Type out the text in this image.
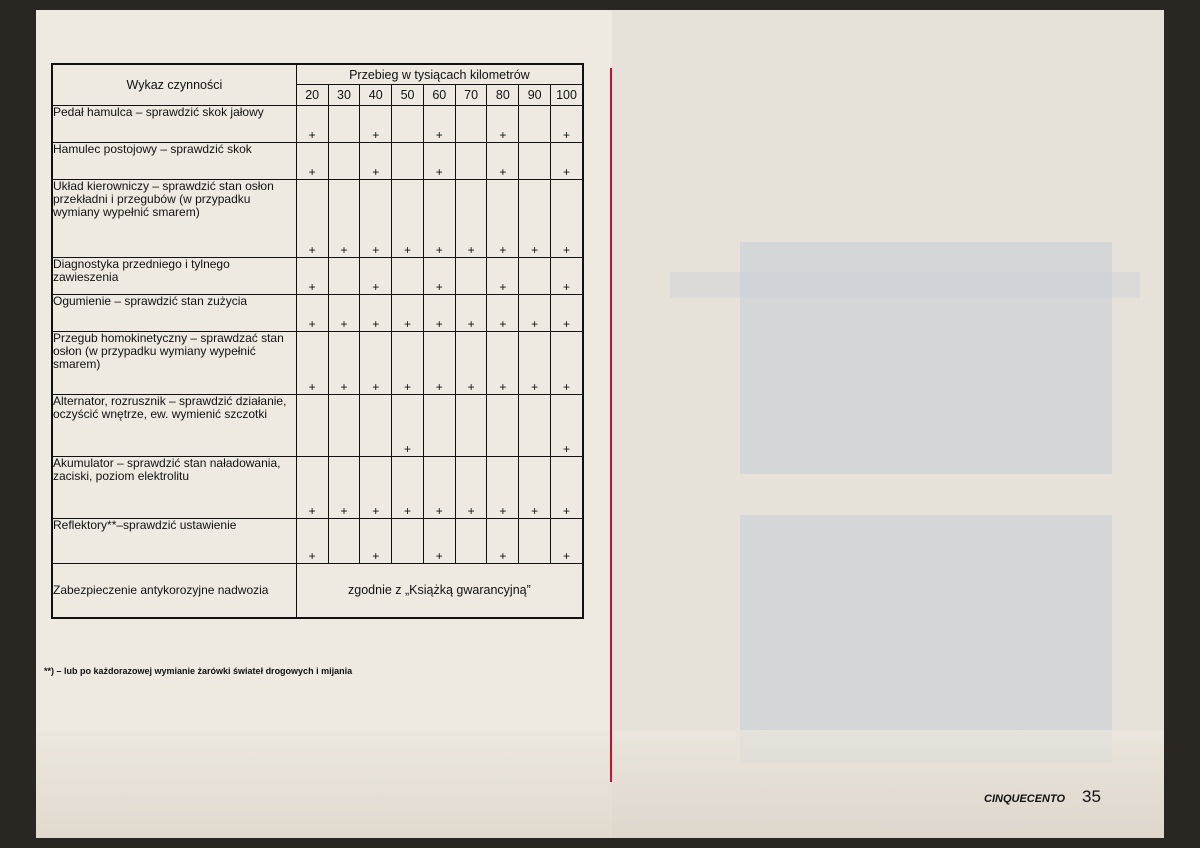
Wykaz czynności	Przebieg w tysiącach kilometrów								
	20	30	40	50	60	70	80	90	100
Pedał hamulca – sprawdzić skok jałowy	+		+		+		+		+
Hamulec postojowy – sprawdzić skok	+		+		+		+		+
Układ kierowniczy – sprawdzić stan osłon przekładni i przegubów (w przypadku wymiany wypełnić smarem)	+	+	+	+	+	+	+	+	+
Diagnostyka przedniego i tylnego zawieszenia	+		+		+		+		+
Ogumienie – sprawdzić stan zużycia	+	+	+	+	+	+	+	+	+
Przegub homokinetyczny – sprawdzać stan osłon (w przypadku wymiany wypełnić smarem)	+	+	+	+	+	+	+	+	+
Alternator, rozrusznik – sprawdzić działanie, oczyścić wnętrze, ew. wymienić szczotki				+					+
Akumulator – sprawdzić stan naładowania, zaciski, poziom elektrolitu	+	+	+	+	+	+	+	+	+
Reflektory**–sprawdzić ustawienie	+		+		+		+		+
Zabezpieczenie antykorozyjne nadwozia	zgodnie z „Książką gwarancyjną”								
**) – lub po każdorazowej wymianie żarówki świateł drogowych i mijania
CINQUECENTO 35
